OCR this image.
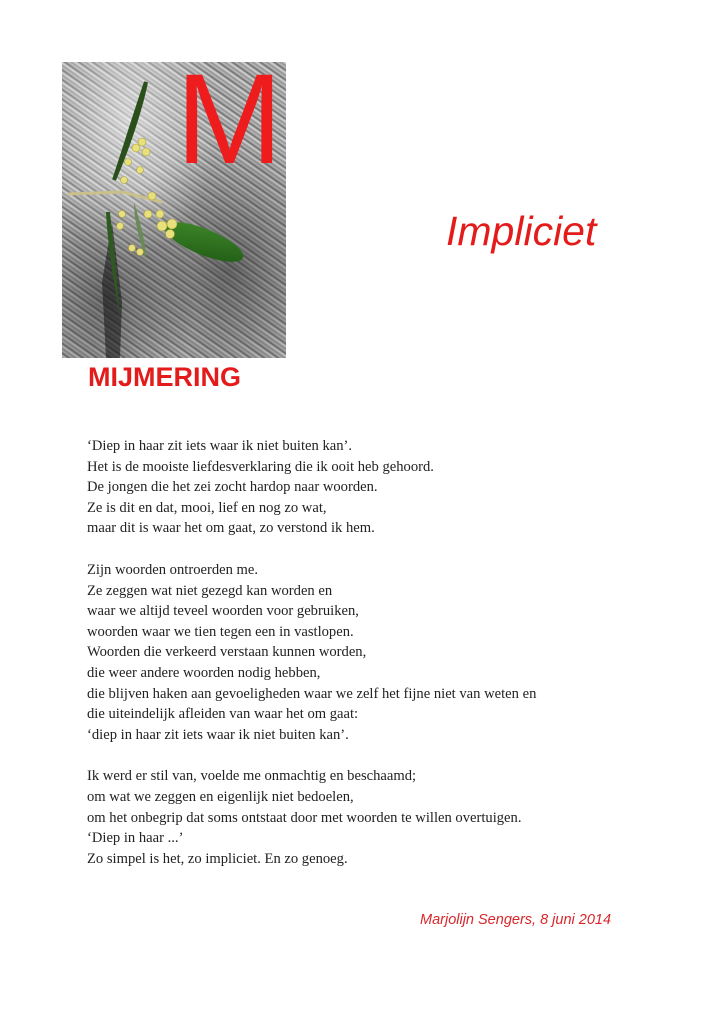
M
Impliciet
MIJMERING
‘Diep in haar zit iets waar ik niet buiten kan’.
Het is de mooiste liefdesverklaring die ik ooit heb gehoord.
De jongen die het zei zocht hardop naar woorden.
Ze is dit en dat, mooi, lief en nog zo wat,
maar dit is waar het om gaat, zo verstond ik hem.
Zijn woorden ontroerden me.
Ze zeggen wat niet gezegd kan worden en
waar we altijd teveel woorden voor gebruiken,
woorden waar we tien tegen een in vastlopen.
Woorden die verkeerd verstaan kunnen worden,
die weer andere woorden nodig hebben,
die blijven haken aan gevoeligheden waar we zelf het fijne niet van weten en
die uiteindelijk afleiden van waar het om gaat:
‘diep in haar zit iets waar ik niet buiten kan’.
Ik werd er stil van, voelde me onmachtig en beschaamd;
om wat we zeggen en eigenlijk niet bedoelen,
om het onbegrip dat soms ontstaat door met woorden te willen overtuigen.
‘Diep in haar ...’
Zo simpel is het, zo impliciet. En zo genoeg.
Marjolijn Sengers, 8 juni 2014
